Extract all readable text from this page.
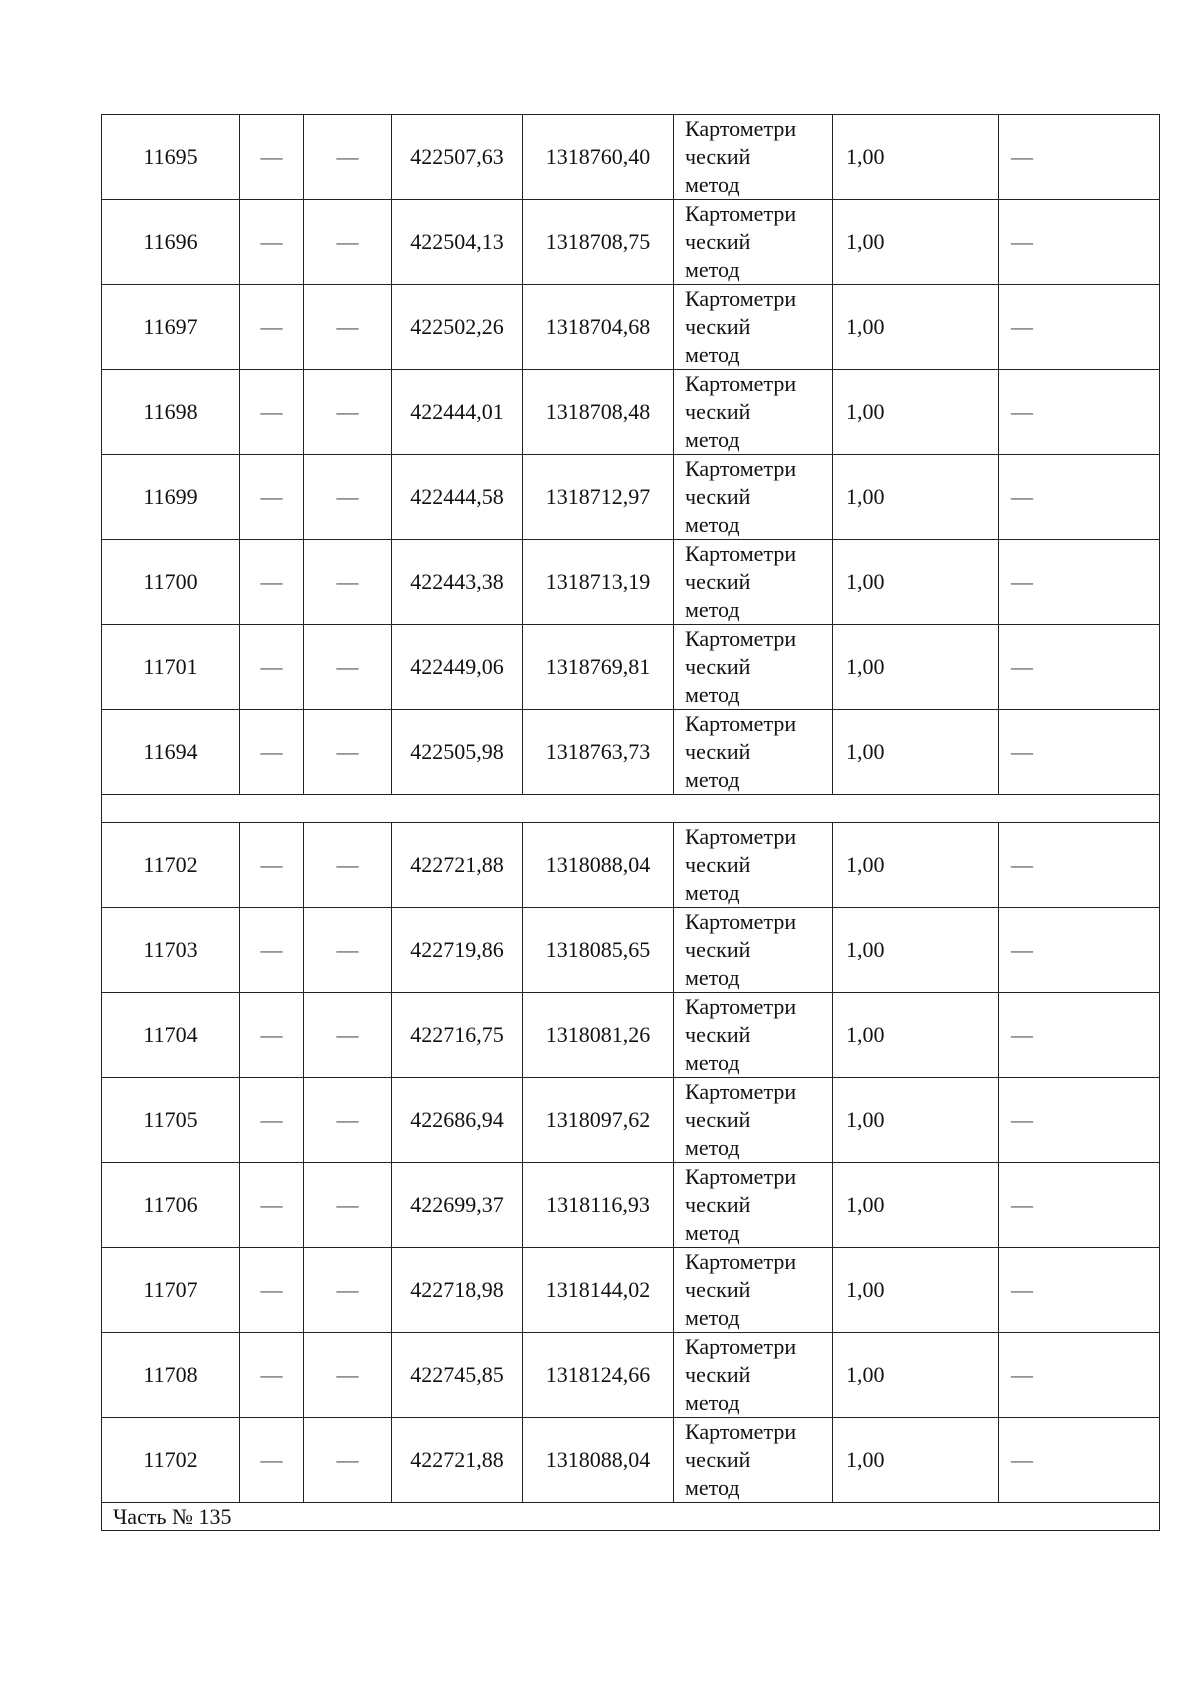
11695	—	—	422507,63	1318760,40	Картометри
ческий
метод	1,00	—
11696	—	—	422504,13	1318708,75	Картометри
ческий
метод	1,00	—
11697	—	—	422502,26	1318704,68	Картометри
ческий
метод	1,00	—
11698	—	—	422444,01	1318708,48	Картометри
ческий
метод	1,00	—
11699	—	—	422444,58	1318712,97	Картометри
ческий
метод	1,00	—
11700	—	—	422443,38	1318713,19	Картометри
ческий
метод	1,00	—
11701	—	—	422449,06	1318769,81	Картометри
ческий
метод	1,00	—
11694	—	—	422505,98	1318763,73	Картометри
ческий
метод	1,00	—

11702	—	—	422721,88	1318088,04	Картометри
ческий
метод	1,00	—
11703	—	—	422719,86	1318085,65	Картометри
ческий
метод	1,00	—
11704	—	—	422716,75	1318081,26	Картометри
ческий
метод	1,00	—
11705	—	—	422686,94	1318097,62	Картометри
ческий
метод	1,00	—
11706	—	—	422699,37	1318116,93	Картометри
ческий
метод	1,00	—
11707	—	—	422718,98	1318144,02	Картометри
ческий
метод	1,00	—
11708	—	—	422745,85	1318124,66	Картометри
ческий
метод	1,00	—
11702	—	—	422721,88	1318088,04	Картометри
ческий
метод	1,00	—
Часть № 135							
